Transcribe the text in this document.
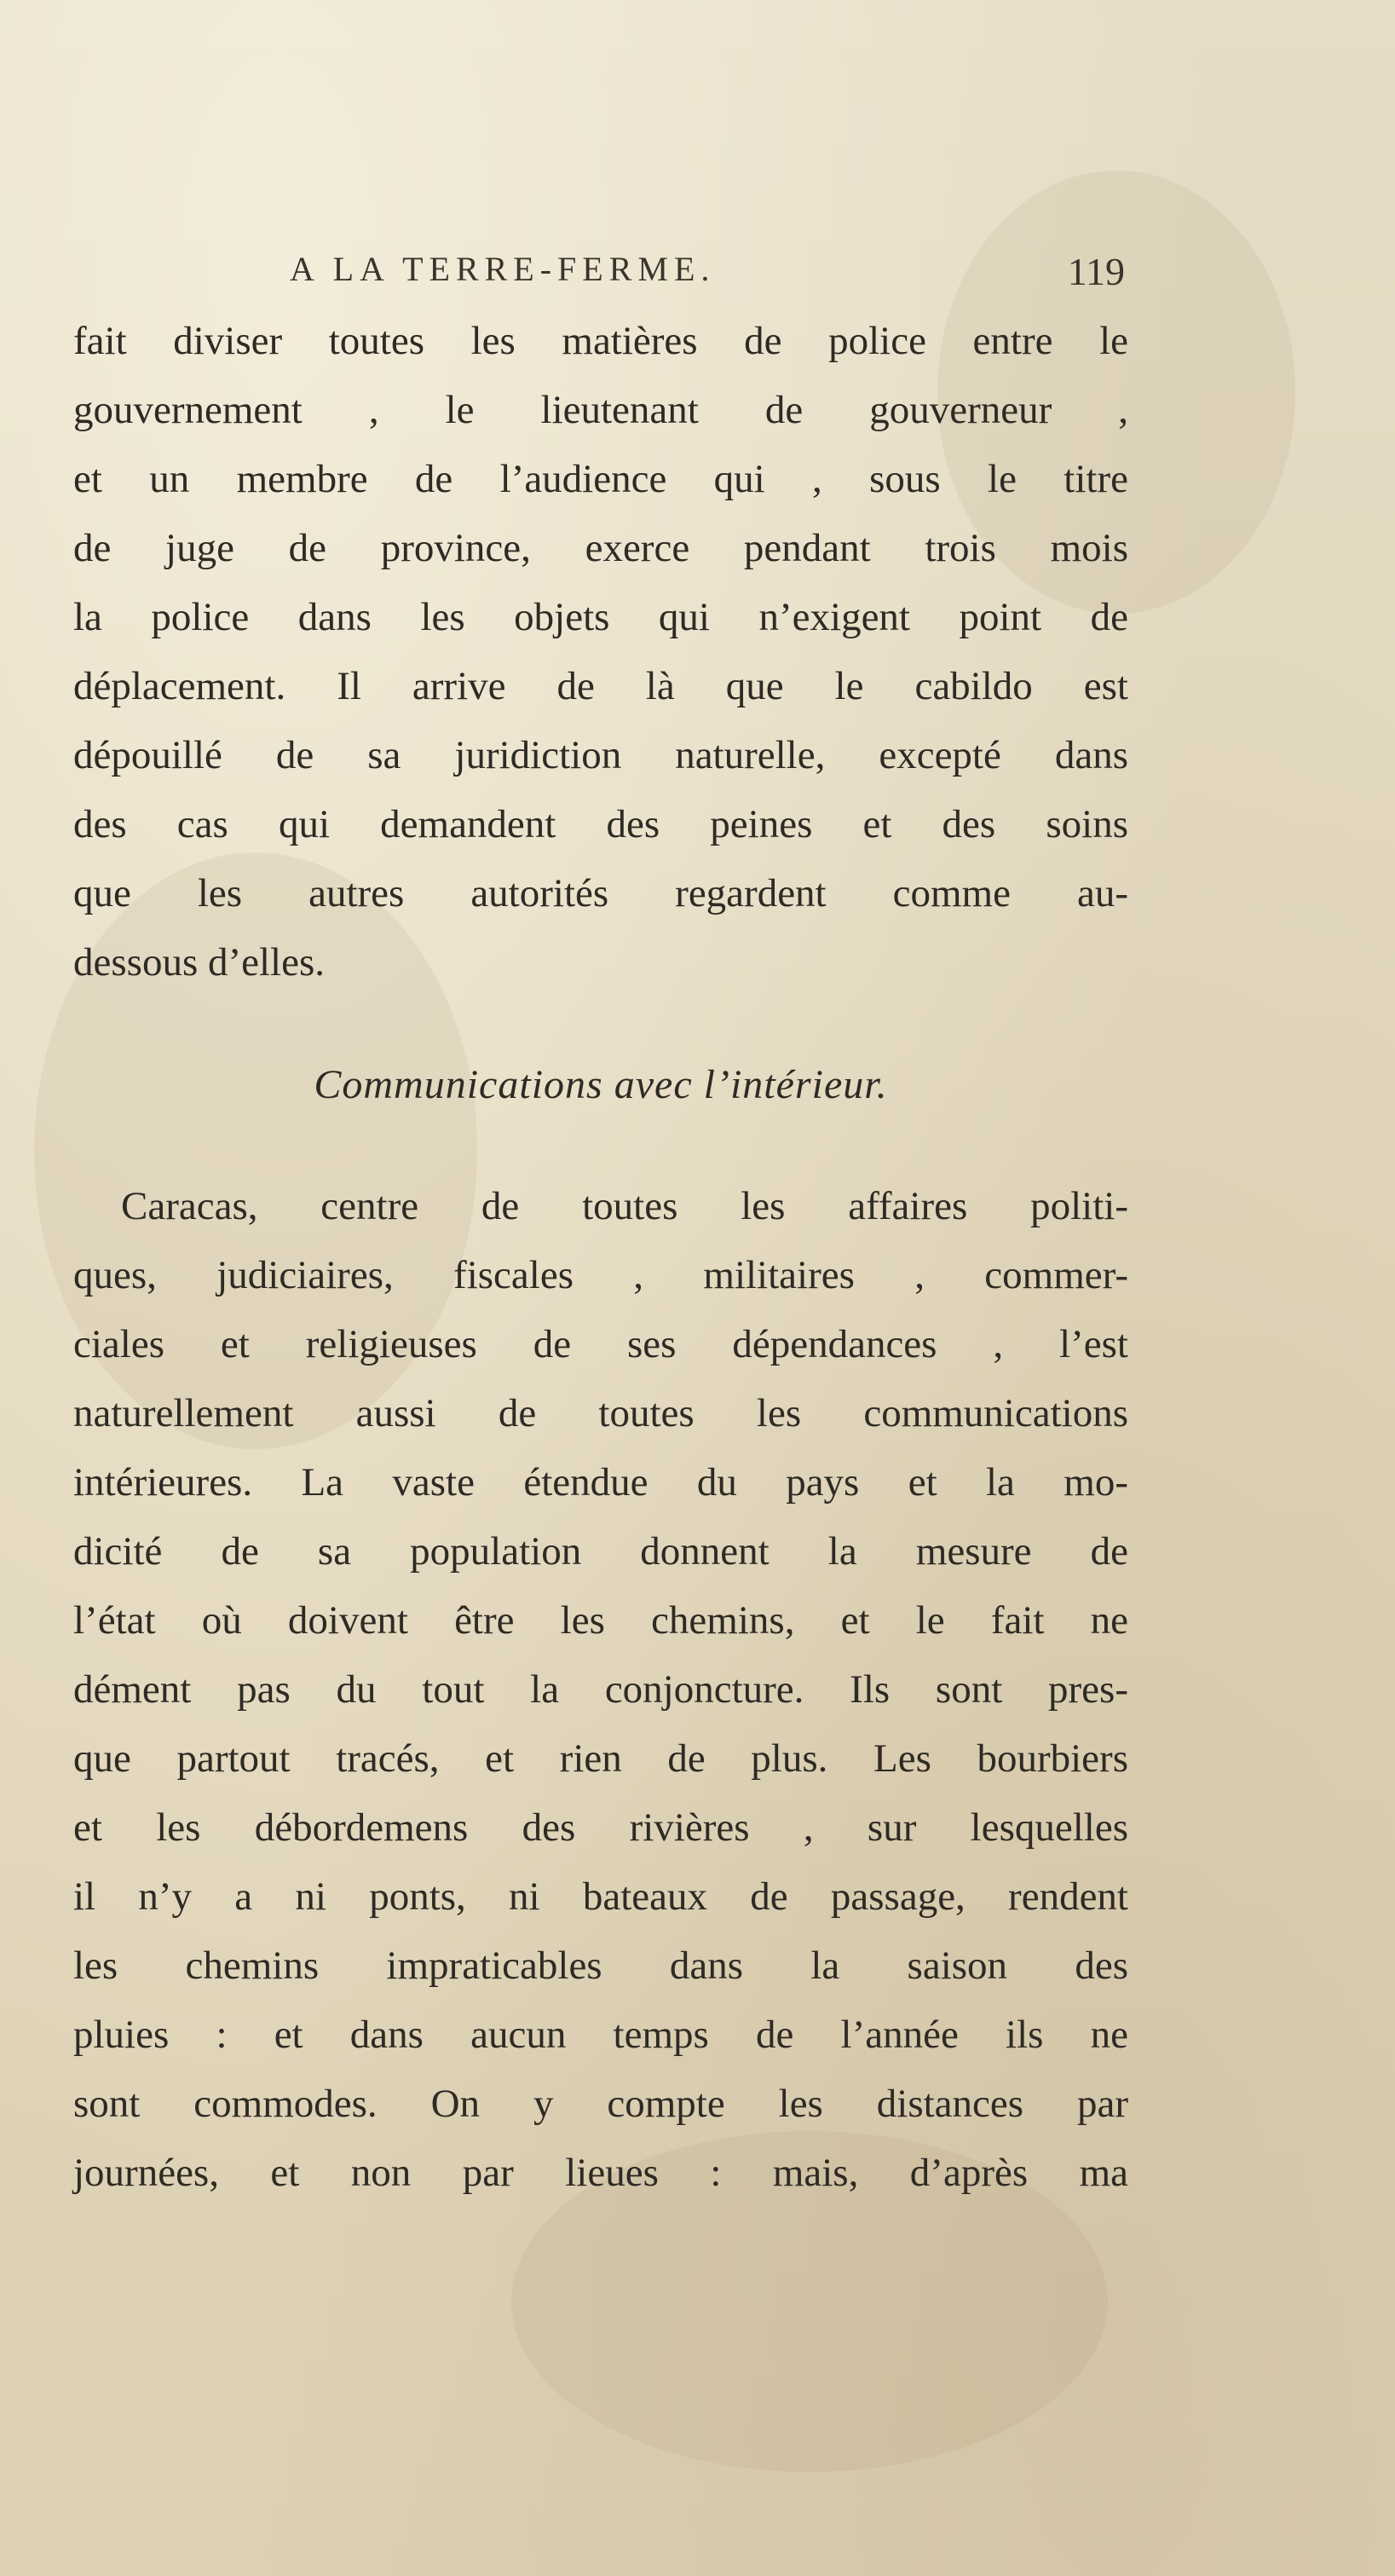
A LA TERRE-FERME.	119
fait diviser toutes les matières de police entre le
gouvernement , le lieutenant de gouverneur ,
et un membre de l’audience qui , sous le titre
de juge de province, exerce pendant trois mois
la police dans les objets qui n’exigent point de
déplacement. Il arrive de là que le cabildo est
dépouillé de sa juridiction naturelle, excepté dans
des cas qui demandent des peines et des soins
que les autres autorités regardent comme au-
dessous d’elles.
Communications avec l’intérieur.
Caracas, centre de toutes les affaires politi-
ques, judiciaires, fiscales , militaires , commer-
ciales et religieuses de ses dépendances , l’est
naturellement aussi de toutes les communications
intérieures. La vaste étendue du pays et la mo-
dicité de sa population donnent la mesure de
l’état où doivent être les chemins, et le fait ne
dément pas du tout la conjoncture. Ils sont pres-
que partout tracés, et rien de plus. Les bourbiers
et les débordemens des rivières , sur lesquelles
il n’y a ni ponts, ni bateaux de passage, rendent
les chemins impraticables dans la saison des
pluies : et dans aucun temps de l’année ils ne
sont commodes. On y compte les distances par
journées, et non par lieues : mais, d’après ma
